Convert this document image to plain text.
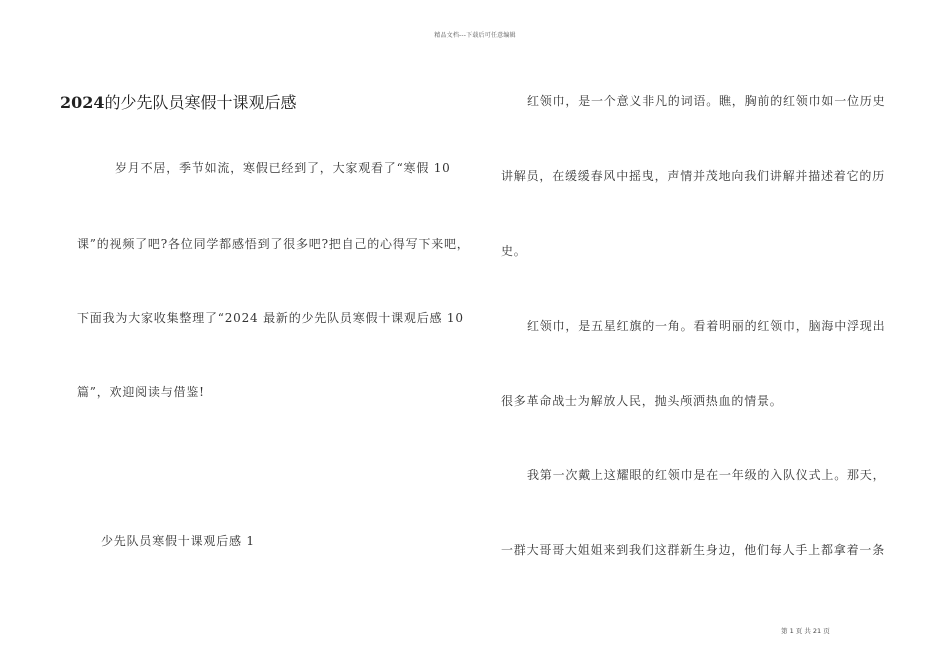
精品文档---下载后可任意编辑
2024的少先队员寒假十课观后感
岁月不居，季节如流，寒假已经到了，大家观看了“寒假 10
课”的视频了吧?各位同学都感悟到了很多吧?把自己的心得写下来吧，
下面我为大家收集整理了“2024 最新的少先队员寒假十课观后感 10
篇”，欢迎阅读与借鉴!
少先队员寒假十课观后感 1
红领巾，是一个意义非凡的词语。瞧，胸前的红领巾如一位历史
讲解员，在缓缓春风中摇曳，声情并茂地向我们讲解并描述着它的历
史。
红领巾，是五星红旗的一角。看着明丽的红领巾，脑海中浮现出
很多革命战士为解放人民，抛头颅洒热血的情景。
我第一次戴上这耀眼的红领巾是在一年级的入队仪式上。那天，
一群大哥哥大姐姐来到我们这群新生身边，他们每人手上都拿着一条
第 1 页 共 21 页
